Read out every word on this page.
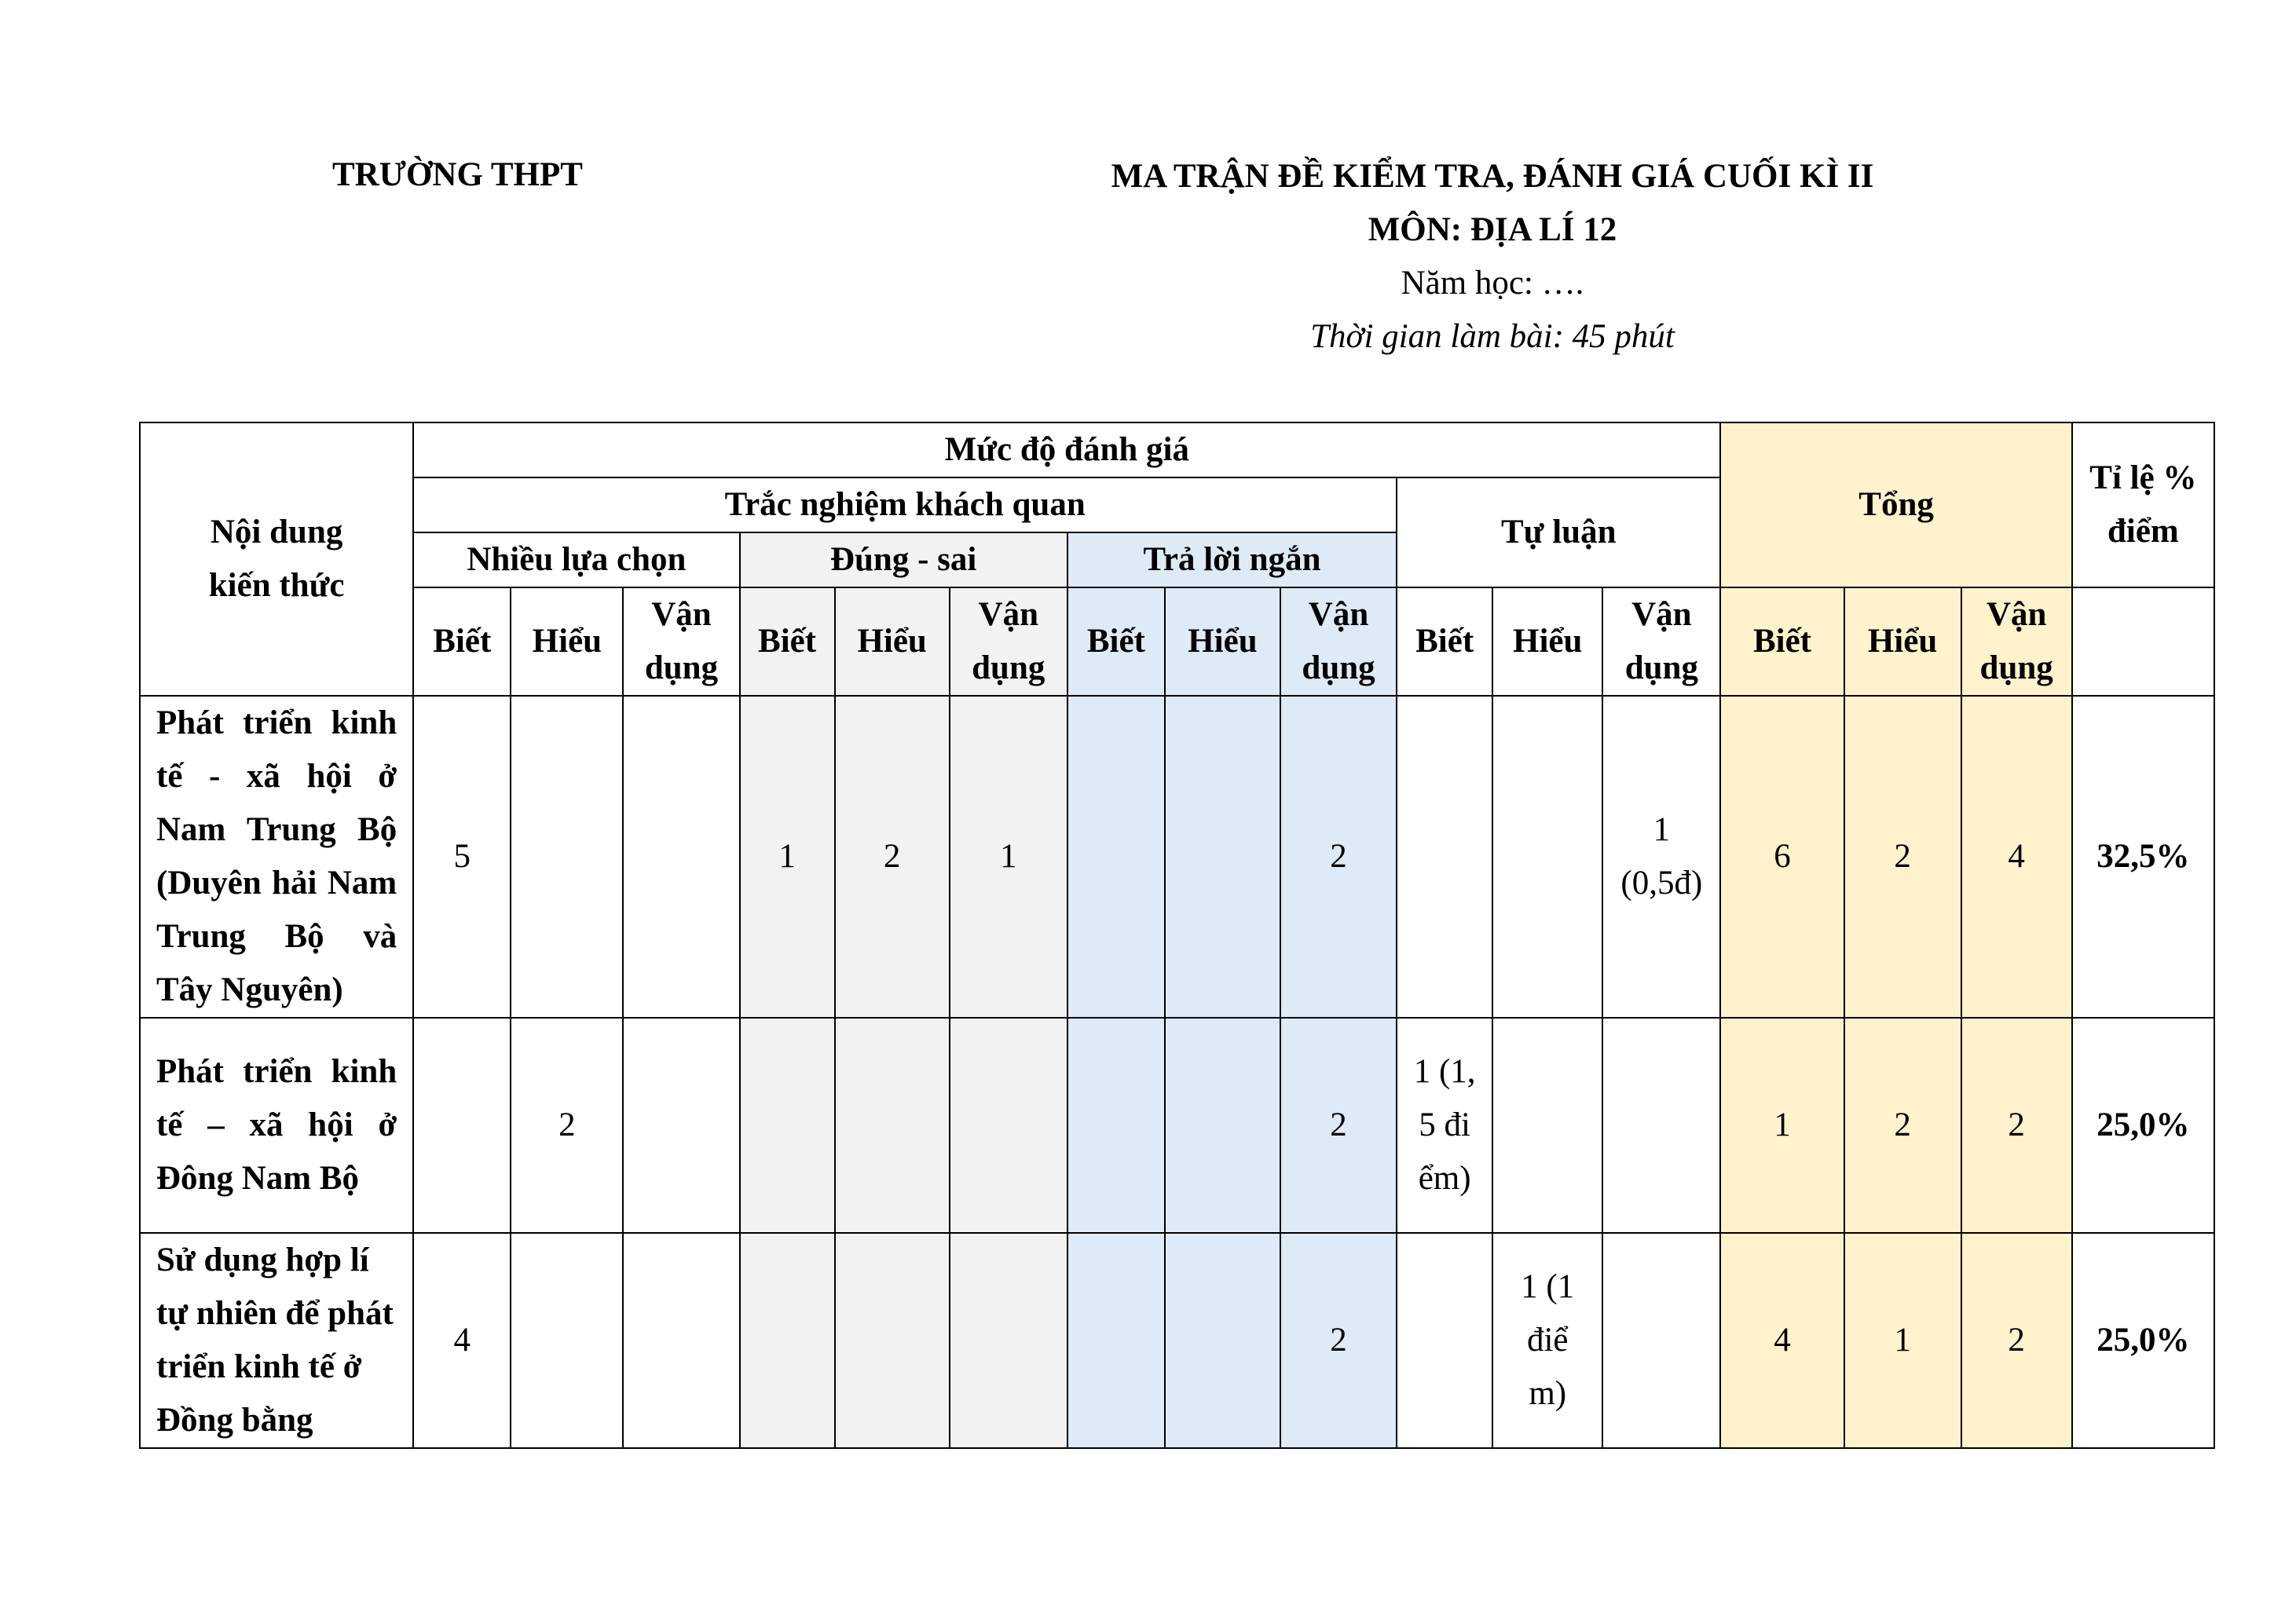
TRƯỜNG THPT	MA TRẬN ĐỀ KIỂM TRA, ĐÁNH GIÁ CUỐI KÌ II
MÔN: ĐỊA LÍ 12
Năm học: ….
Thời gian làm bài: 45 phút
Nội dung kiến thức	Mức độ đánh giá												Tổng			Tỉ lệ % điểm
	Trắc nghiệm khách quan									Tự luận						
	Nhiều lựa chọn			Đúng - sai			Trả lời ngắn									
	Biết	Hiểu	Vận dụng	Biết	Hiểu	Vận dụng	Biết	Hiểu	Vận dụng	Biết	Hiểu	Vận dụng	Biết	Hiểu	Vận dụng	
Phát triển kinh tế - xã hội ở Nam Trung Bộ (Duyên hải Nam Trung Bộ và Tây Nguyên)	5			1	2	1			2			1 (0,5đ)	6	2	4	32,5%
Phát triển kinh tế – xã hội ở Đông Nam Bộ		2							2	1 (1,5 điểm)			1	2	2	25,0%
Sử dụng hợp lí tự nhiên để phát triển kinh tế ở Đồng bằng	4								2		1 (1 điểm)		4	1	2	25,0%
